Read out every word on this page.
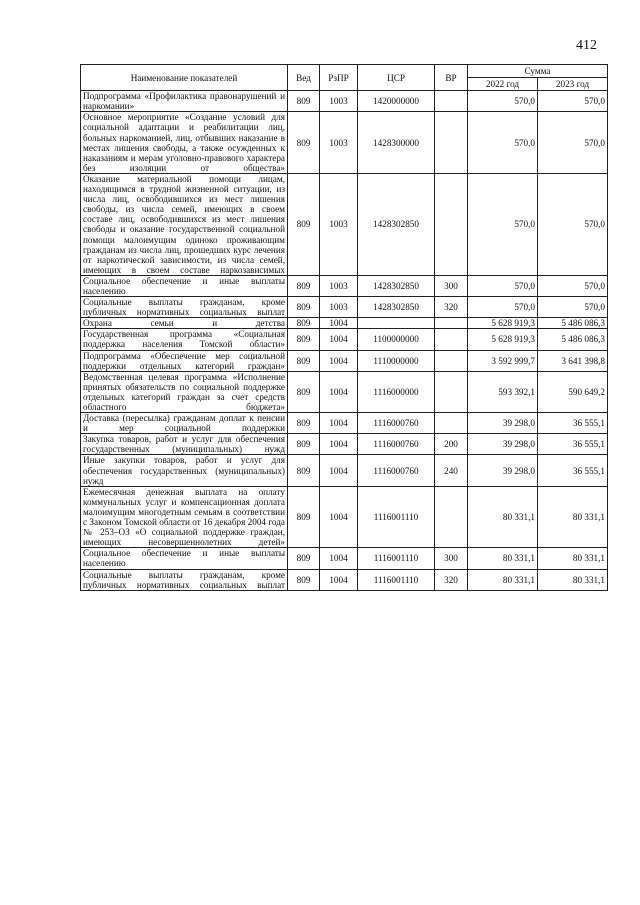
412
Наименование показателей	Вед	РзПР	ЦСР	ВР	Сумма	
					2022 год	2023 год
Подпрограмма «Профилактика правонарушений и наркомании»	809	1003	1420000000		570,0	570,0
Основное мероприятие «Создание условий для социальной адаптации и реабилитации лиц, больных наркоманией, лиц, отбывших наказание в местах лишения свободы, а также осужденных к наказаниям и мерам уголовно-правового характера без изоляции от общества»	809	1003	1428300000		570,0	570,0
Оказание материальной помощи лицам, находящимся в трудной жизненной ситуации, из числа лиц, освободившихся из мест лишения свободы, из числа семей, имеющих в своем составе лиц, освободившихся из мест лишения свободы и оказание государственной социальной помощи малоимущим одиноко проживающим гражданам из числа лиц, прошедших курс лечения от наркотической зависимости, из числа семей, имеющих в своем составе наркозависимых	809	1003	1428302850		570,0	570,0
Социальное обеспечение и иные выплаты населению	809	1003	1428302850	300	570,0	570,0
Социальные выплаты гражданам, кроме публичных нормативных социальных выплат	809	1003	1428302850	320	570,0	570,0
Охрана семьи и детства	809	1004			5 628 919,3	5 486 086,3
Государственная программа «Социальная поддержка населения Томской области»	809	1004	1100000000		5 628 919,3	5 486 086,3
Подпрограмма «Обеспечение мер социальной поддержки отдельных категорий граждан»	809	1004	1110000000		3 592 999,7	3 641 398,8
Ведомственная целевая программа «Исполнение принятых обязательств по социальной поддержке отдельных категорий граждан за счет средств областного бюджета»	809	1004	1116000000		593 392,1	590 649,2
Доставка (пересылка) гражданам доплат к пенсии и мер социальной поддержки	809	1004	1116000760		39 298,0	36 555,1
Закупка товаров, работ и услуг для обеспечения государственных (муниципальных) нужд	809	1004	1116000760	200	39 298,0	36 555,1
Иные закупки товаров, работ и услуг для обеспечения государственных (муниципальных) нужд	809	1004	1116000760	240	39 298,0	36 555,1
Ежемесячная денежная выплата на оплату коммунальных услуг и компенсационная доплата малоимущим многодетным семьям в соответствии с Законом Томской области от 16 декабря 2004 года № 253–ОЗ «О социальной поддержке граждан, имеющих несовершеннолетних детей»	809	1004	1116001110		80 331,1	80 331,1
Социальное обеспечение и иные выплаты населению	809	1004	1116001110	300	80 331,1	80 331,1
Социальные выплаты гражданам, кроме публичных нормативных социальных выплат	809	1004	1116001110	320	80 331,1	80 331,1
